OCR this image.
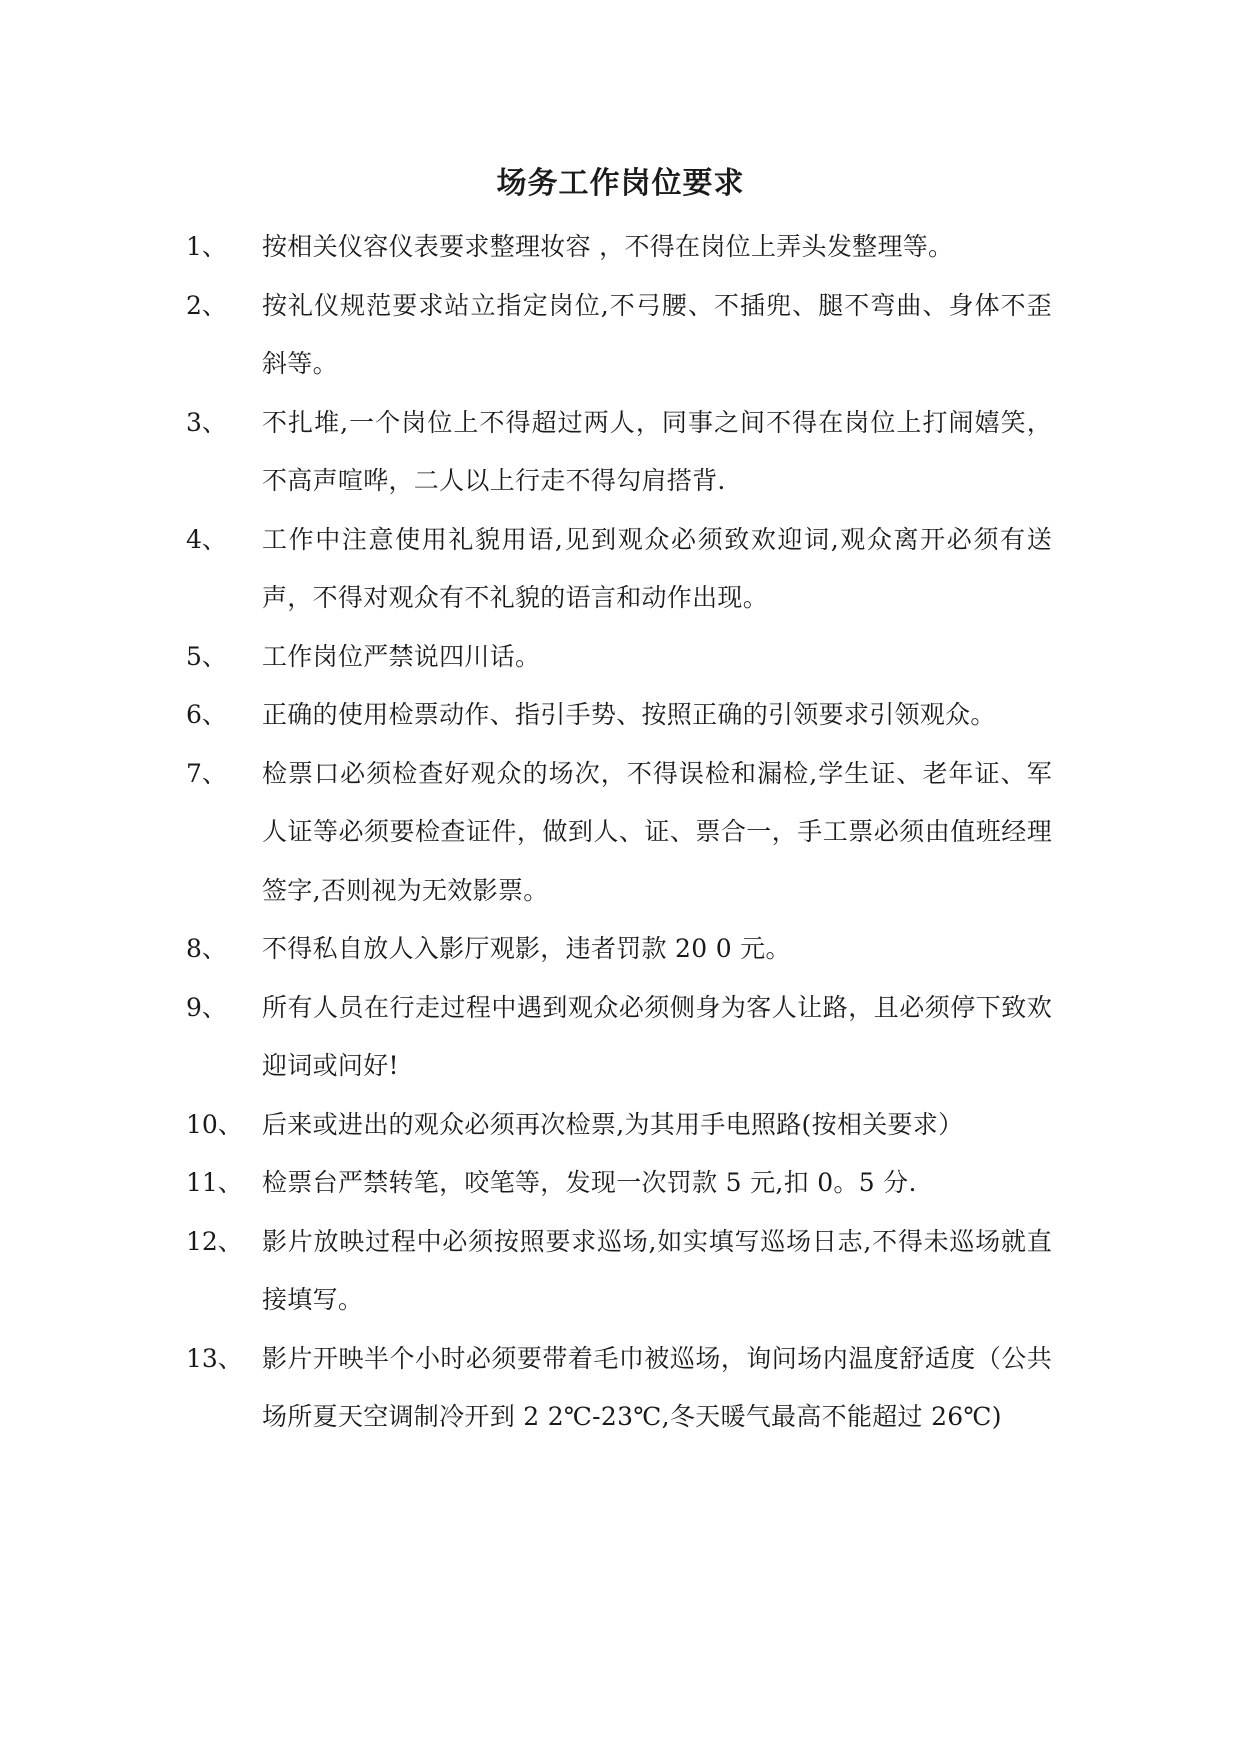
场务工作岗位要求
1、 按相关仪容仪表要求整理妆容 ，不得在岗位上弄头发整理等。
2、 按礼仪规范要求站立指定岗位,不弓腰、不插兜、腿不弯曲、身体不歪斜等。
3、 不扎堆,一个岗位上不得超过两人，同事之间不得在岗位上打闹嬉笑，不高声喧哗，二人以上行走不得勾肩搭背.
4、 工作中注意使用礼貌用语,见到观众必须致欢迎词,观众离开必须有送声，不得对观众有不礼貌的语言和动作出现。
5、 工作岗位严禁说四川话。
6、 正确的使用检票动作、指引手势、按照正确的引领要求引领观众。
7、 检票口必须检查好观众的场次，不得误检和漏检,学生证、老年证、军人证等必须要检查证件，做到人、证、票合一，手工票必须由值班经理签字,否则视为无效影票。
8、 不得私自放人入影厅观影，违者罚款 20 0 元。
9、 所有人员在行走过程中遇到观众必须侧身为客人让路，且必须停下致欢迎词或问好!
10、 后来或进出的观众必须再次检票,为其用手电照路(按相关要求）
11、 检票台严禁转笔，咬笔等，发现一次罚款 5 元,扣 0。5 分.
12、 影片放映过程中必须按照要求巡场,如实填写巡场日志,不得未巡场就直接填写。
13、 影片开映半个小时必须要带着毛巾被巡场，询问场内温度舒适度（公共场所夏天空调制冷开到 2 2℃-23℃,冬天暖气最高不能超过 26℃)
